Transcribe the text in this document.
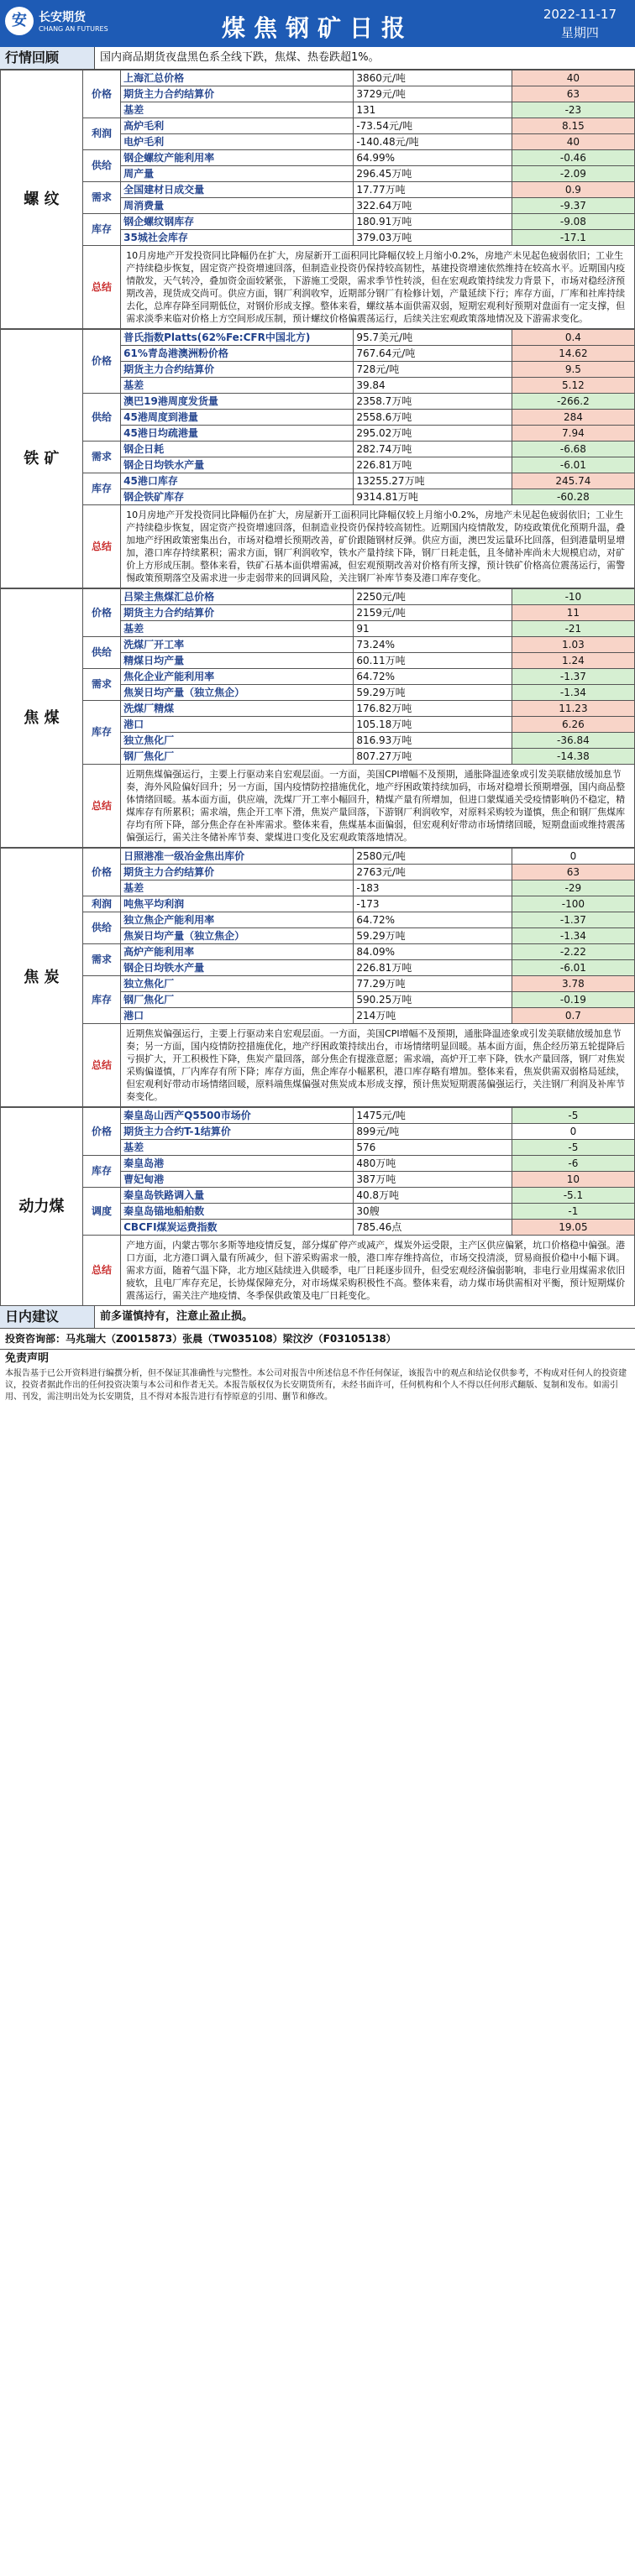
安	长安期货
CHANG AN FUTURES	煤焦钢矿日报	2022-11-17
星期四
行情回顾	国内商品期货夜盘黑色系全线下跌，焦煤、热卷跌超1%。
螺 纹	价格	上海汇总价格	3860元/吨	40
		期货主力合约结算价	3729元/吨	63
		基差	131	-23
	利润	高炉毛利	-73.54元/吨	8.15
		电炉毛利	-140.48元/吨	40
	供给	钢企螺纹产能利用率	64.99%	-0.46
		周产量	296.45万吨	-2.09
	需求	全国建材日成交量	17.77万吨	0.9
		周消费量	322.64万吨	-9.37
	库存	钢企螺纹钢库存	180.91万吨	-9.08
		35城社会库存	379.03万吨	-17.1
	总结	10月房地产开发投资同比降幅仍在扩大，房屋新开工面积同比降幅仅较上月缩小0.2%，房地产未见起色疲弱依旧；工业生产持续稳步恢复，固定资产投资增速回落，但制造业投资仍保持较高韧性，基建投资增速依然维持在较高水平。近期国内疫情散发，天气转冷，叠加资金面较紧张，下游施工受限，需求季节性转淡，但在宏观政策持续发力背景下，市场对稳经济预期改善，现货成交尚可。供应方面，钢厂利润收窄，近期部分钢厂有检修计划，产量延续下行；库存方面，厂库和社库持续去化，总库存降至同期低位，对钢价形成支撑。整体来看，螺纹基本面供需双弱，短期宏观利好预期对盘面有一定支撑，但需求淡季来临对价格上方空间形成压制，预计螺纹价格偏震荡运行，后续关注宏观政策落地情况及下游需求变化。		
铁 矿	价格	普氏指数Platts(62%Fe:CFR中国北方)	95.7美元/吨	0.4
		61%青岛港澳洲粉价格	767.64元/吨	14.62
		期货主力合约结算价	728元/吨	9.5
		基差	39.84	5.12
	供给	澳巴19港周度发货量	2358.7万吨	-266.2
		45港周度到港量	2558.6万吨	284
		45港日均疏港量	295.02万吨	7.94
	需求	钢企日耗	282.74万吨	-6.68
		钢企日均铁水产量	226.81万吨	-6.01
	库存	45港口库存	13255.27万吨	245.74
		钢企铁矿库存	9314.81万吨	-60.28
	总结	10月房地产开发投资同比降幅仍在扩大，房屋新开工面积同比降幅仅较上月缩小0.2%，房地产未见起色疲弱依旧；工业生产持续稳步恢复，固定资产投资增速回落，但制造业投资仍保持较高韧性。近期国内疫情散发，防疫政策优化预期升温，叠加地产纾困政策密集出台，市场对稳增长预期改善，矿价跟随钢材反弹。供应方面，澳巴发运量环比回落，但到港量明显增加，港口库存持续累积；需求方面，钢厂利润收窄，铁水产量持续下降，钢厂日耗走低，且冬储补库尚未大规模启动，对矿价上方形成压制。整体来看，铁矿石基本面供增需减，但宏观预期改善对价格有所支撑，预计铁矿价格高位震荡运行，需警惕政策预期落空及需求进一步走弱带来的回调风险，关注钢厂补库节奏及港口库存变化。		
焦 煤	价格	吕梁主焦煤汇总价格	2250元/吨	-10
		期货主力合约结算价	2159元/吨	11
		基差	91	-21
	供给	洗煤厂开工率	73.24%	1.03
		精煤日均产量	60.11万吨	1.24
	需求	焦化企业产能利用率	64.72%	-1.37
		焦炭日均产量（独立焦企）	59.29万吨	-1.34
	库存	洗煤厂精煤	176.82万吨	11.23
		港口	105.18万吨	6.26
		独立焦化厂	816.93万吨	-36.84
		钢厂焦化厂	807.27万吨	-14.38
	总结	近期焦煤偏强运行，主要上行驱动来自宏观层面。一方面，美国CPI增幅不及预期，通胀降温迹象或引发美联储放缓加息节奏，海外风险偏好回升；另一方面，国内疫情防控措施优化，地产纾困政策持续加码，市场对稳增长预期增强，国内商品整体情绪回暖。基本面方面，供应端，洗煤厂开工率小幅回升，精煤产量有所增加，但进口蒙煤通关受疫情影响仍不稳定，精煤库存有所累积；需求端，焦企开工率下滑，焦炭产量回落，下游钢厂利润收窄，对原料采购较为谨慎，焦企和钢厂焦煤库存均有所下降，部分焦企存在补库需求。整体来看，焦煤基本面偏弱，但宏观利好带动市场情绪回暖，短期盘面或维持震荡偏强运行，需关注冬储补库节奏、蒙煤进口变化及宏观政策落地情况。		
焦 炭	价格	日照港准一级冶金焦出库价	2580元/吨	0
		期货主力合约结算价	2763元/吨	63
		基差	-183	-29
	利润	吨焦平均利润	-173	-100
	供给	独立焦企产能利用率	64.72%	-1.37
		焦炭日均产量（独立焦企）	59.29万吨	-1.34
	需求	高炉产能利用率	84.09%	-2.22
		钢企日均铁水产量	226.81万吨	-6.01
	库存	独立焦化厂	77.29万吨	3.78
		钢厂焦化厂	590.25万吨	-0.19
		港口	214万吨	0.7
	总结	近期焦炭偏强运行，主要上行驱动来自宏观层面。一方面，美国CPI增幅不及预期，通胀降温迹象或引发美联储放缓加息节奏；另一方面，国内疫情防控措施优化，地产纾困政策持续出台，市场情绪明显回暖。基本面方面，焦企经历第五轮提降后亏损扩大，开工积极性下降，焦炭产量回落，部分焦企有提涨意愿；需求端，高炉开工率下降，铁水产量回落，钢厂对焦炭采购偏谨慎，厂内库存有所下降；库存方面，焦企库存小幅累积，港口库存略有增加。整体来看，焦炭供需双弱格局延续，但宏观利好带动市场情绪回暖，原料端焦煤偏强对焦炭成本形成支撑，预计焦炭短期震荡偏强运行，关注钢厂利润及补库节奏变化。		
动力煤	价格	秦皇岛山西产Q5500市场价	1475元/吨	-5
		期货主力合约T-1结算价	899元/吨	0
		基差	576	-5
	库存	秦皇岛港	480万吨	-6
		曹妃甸港	387万吨	10
	调度	秦皇岛铁路调入量	40.8万吨	-5.1
		秦皇岛锚地船舶数	30艘	-1
		CBCFI煤炭运费指数	785.46点	19.05
	总结	产地方面，内蒙古鄂尔多斯等地疫情反复，部分煤矿停产或减产，煤炭外运受限，主产区供应偏紧，坑口价格稳中偏强。港口方面，北方港口调入量有所减少，但下游采购需求一般，港口库存维持高位，市场交投清淡，贸易商报价稳中小幅下调。需求方面，随着气温下降，北方地区陆续进入供暖季，电厂日耗逐步回升，但受宏观经济偏弱影响，非电行业用煤需求依旧疲软，且电厂库存充足，长协煤保障充分，对市场煤采购积极性不高。整体来看，动力煤市场供需相对平衡，预计短期煤价震荡运行，需关注产地疫情、冬季保供政策及电厂日耗变化。		
日内建议	前多谨慎持有，注意止盈止损。
投资咨询部：马兆瑞大（Z0015873）张晨（TW035108）梁汶汐（F03105138）
免责声明
本报告基于已公开资料进行编撰分析，但不保证其准确性与完整性。本公司对报告中所述信息不作任何保证，该报告中的观点和结论仅供参考，不构成对任何人的投资建议，投资者据此作出的任何投资决策与本公司和作者无关。本报告版权仅为长安期货所有，未经书面许可，任何机构和个人不得以任何形式翻版、复制和发布。如需引用、刊发，需注明出处为长安期货，且不得对本报告进行有悖原意的引用、删节和修改。
